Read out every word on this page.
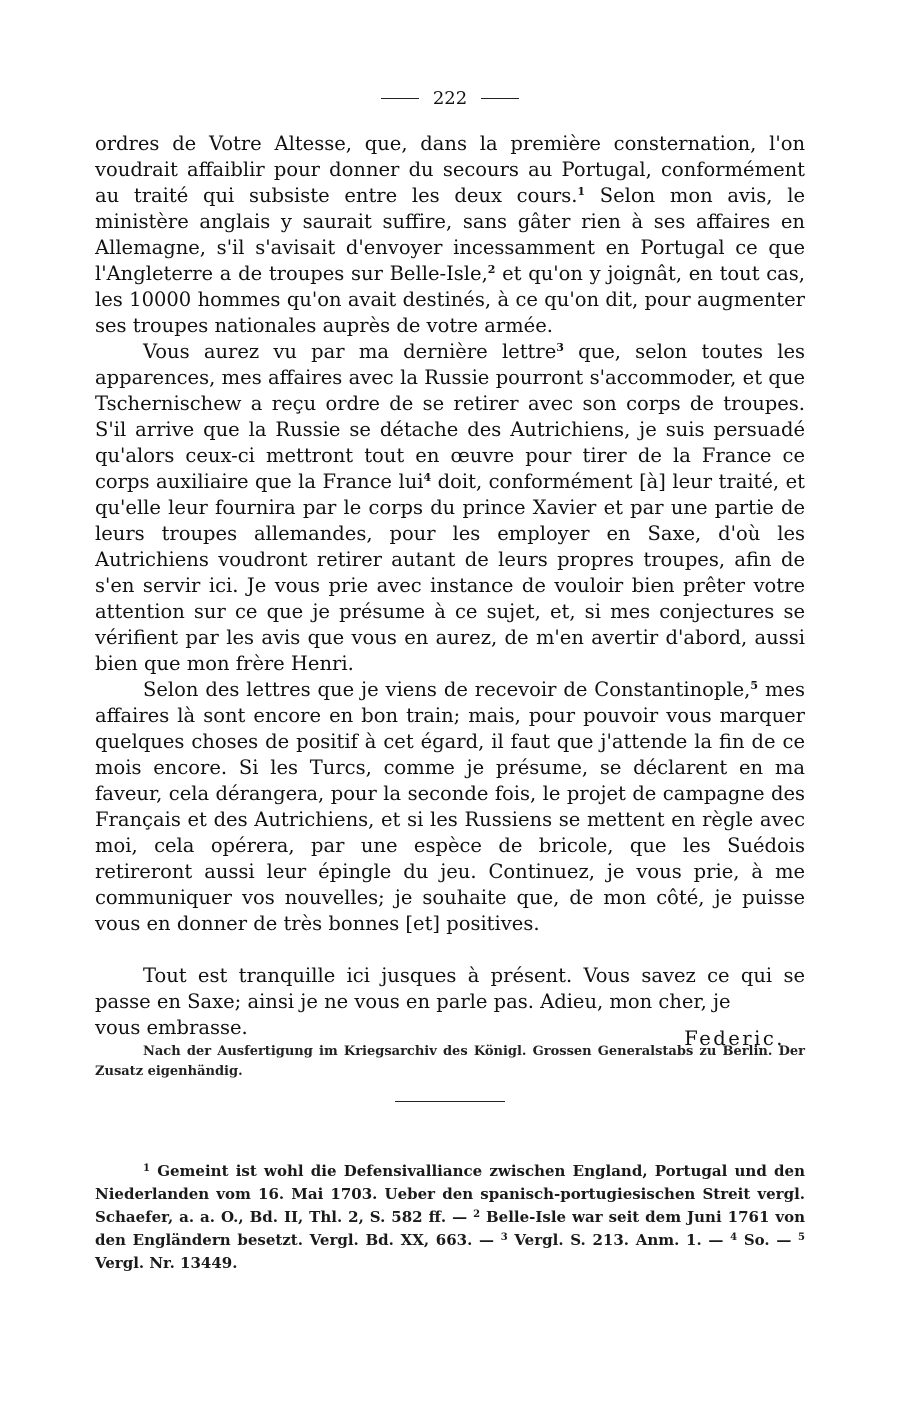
222

ordres de Votre Altesse, que, dans la première consternation, l'on voudrait affaiblir pour donner du secours au Portugal, conformément au traité qui subsiste entre les deux cours.$^1$ Selon mon avis, le ministère anglais y saurait suffire, sans gâter rien à ses affaires en Allemagne, s'il s'avisait d'envoyer incessamment en Portugal ce que l'Angleterre a de troupes sur Belle-Isle,$^2$ et qu'on y joignât, en tout cas, les 10000 hommes qu'on avait destinés, à ce qu'on dit, pour augmenter ses troupes nationales auprès de votre armée.

Vous aurez vu par ma dernière lettre$^3$ que, selon toutes les apparences, mes affaires avec la Russie pourront s'accommoder, et que Tschernischew a reçu ordre de se retirer avec son corps de troupes. S'il arrive que la Russie se détache des Autrichiens, je suis persuadé qu'alors ceux-ci mettront tout en œuvre pour tirer de la France ce corps auxiliaire que la France lui$^4$ doit, conformément [à] leur traité, et qu'elle leur fournira par le corps du prince Xavier et par une partie de leurs troupes allemandes, pour les employer en Saxe, d'où les Autrichiens voudront retirer autant de leurs propres troupes, afin de s'en servir ici. Je vous prie avec instance de vouloir bien prêter votre attention sur ce que je présume à ce sujet, et, si mes conjectures se vérifient par les avis que vous en aurez, de m'en avertir d'abord, aussi bien que mon frère Henri.

Selon des lettres que je viens de recevoir de Constantinople,$^5$ mes affaires là sont encore en bon train; mais, pour pouvoir vous marquer quelques choses de positif à cet égard, il faut que j'attende la fin de ce mois encore. Si les Turcs, comme je présume, se déclarent en ma faveur, cela dérangera, pour la seconde fois, le projet de campagne des Français et des Autrichiens, et si les Russiens se mettent en règle avec moi, cela opérera, par une espèce de bricole, que les Suédois retireront aussi leur épingle du jeu. Continuez, je vous prie, à me communiquer vos nouvelles; je souhaite que, de mon côté, je puisse vous en donner de très bonnes [et] positives.

Tout est tranquille ici jusques à présent. Vous savez ce qui se passe en Saxe; ainsi je ne vous en parle pas. Adieu, mon cher, je

vous embrasse.	Federic.
Nach der Ausfertigung im Kriegsarchiv des Königl. Grossen Generalstabs zu Berlin. Der Zusatz eigenhändig.
$^1$ Gemeint ist wohl die Defensivalliance zwischen England, Portugal und den Niederlanden vom 16. Mai 1703. Ueber den spanisch-portugiesischen Streit vergl. Schaefer, a. a. O., Bd. II, Thl. 2, S. 582 ff. — $^2$ Belle-Isle war seit dem Juni 1761 von den Engländern besetzt. Vergl. Bd. XX, 663. — $^3$ Vergl. S. 213. Anm. 1. — $^4$ So. — $^5$ Vergl. Nr. 13449.
